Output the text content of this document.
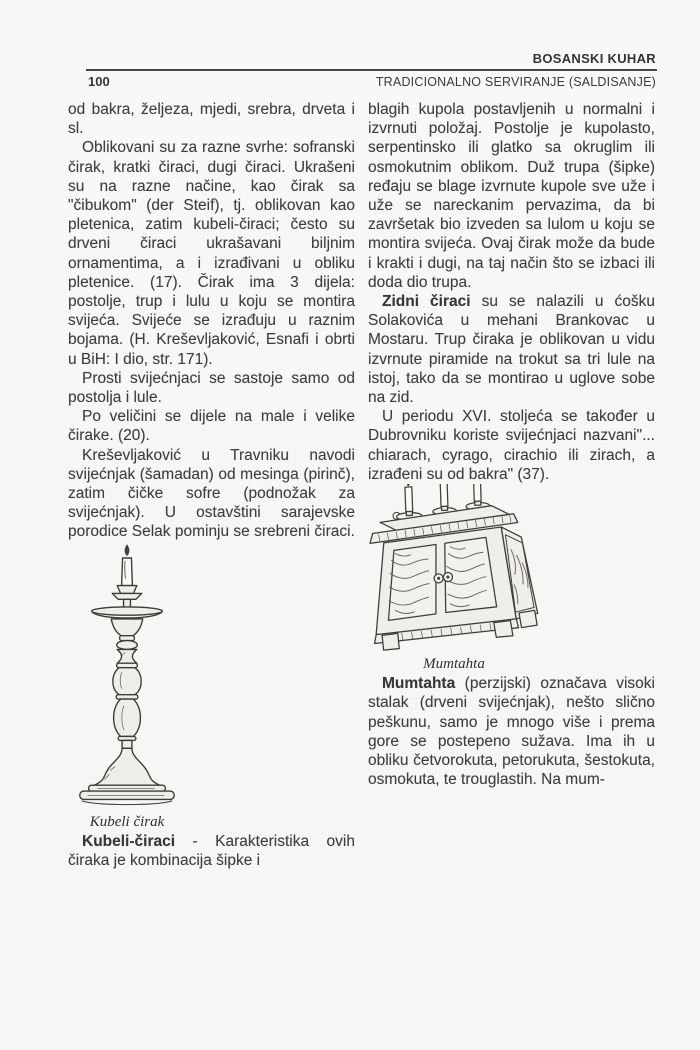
BOSANSKI KUHAR
100	TRADICIONALNO SERVIRANJE (SALDISANJE)

od bakra, željeza, mjedi, srebra, drveta i sl.

Oblikovani su za razne svrhe: sofranski čirak, kratki čiraci, dugi čiraci. Ukrašeni su na razne načine, kao čirak sa "čibukom" (der Steif), tj. oblikovan kao pletenica, zatim kubeli-čiraci; često su drveni čiraci ukrašavani biljnim ornamentima, a i izrađivani u obliku pletenice. (17). Čirak ima 3 dijela: postolje, trup i lulu u koju se montira svijeća. Svijeće se izrađuju u raznim bojama. (H. Kreševljaković, Esnafi i obrti u BiH: I dio, str. 171).

Prosti svijećnjaci se sastoje samo od postolja i lule.

Po veličini se dijele na male i velike čirake. (20).

Kreševljaković u Travniku navodi svijećnjak (šamadan) od mesinga (pirinč), zatim čičke sofre (podnožak za svijećnjak). U ostavštini sarajevske porodice Selak pominju se srebreni čiraci.

Kubeli čirak

Kubeli-čiraci - Karakteristika ovih čiraka je kombinacija šipke i

blagih kupola postavljenih u normalni i izvrnuti položaj. Postolje je kupolasto, serpentinsko ili glatko sa okruglim ili osmokutnim oblikom. Duž trupa (šipke) ređaju se blage izvrnute kupole sve uže i uže se nareckanim pervazima, da bi završetak bio izveden sa lulom u koju se montira svijeća. Ovaj čirak može da bude i krakti i dugi, na taj način što se izbaci ili doda dio trupa.

Zidni čiraci su se nalazili u ćošku Solakovića u mehani Brankovac u Mostaru. Trup čiraka je oblikovan u vidu izvrnute piramide na trokut sa tri lule na istoj, tako da se montirao u uglove sobe na zid.

U periodu XVI. stoljeća se također u Dubrovniku koriste svijećnjaci nazvani"... chiarach, cyrago, cirachio ili zirach, a izrađeni su od bakra" (37).

Mumtahta

Mumtahta (perzijski) označava visoki stalak (drveni svijećnjak), nešto slično peškunu, samo je mnogo više i prema gore se postepeno sužava. Ima ih u obliku četvorokuta, petorukuta, šestokuta, osmokuta, te trouglastih. Na mum-
